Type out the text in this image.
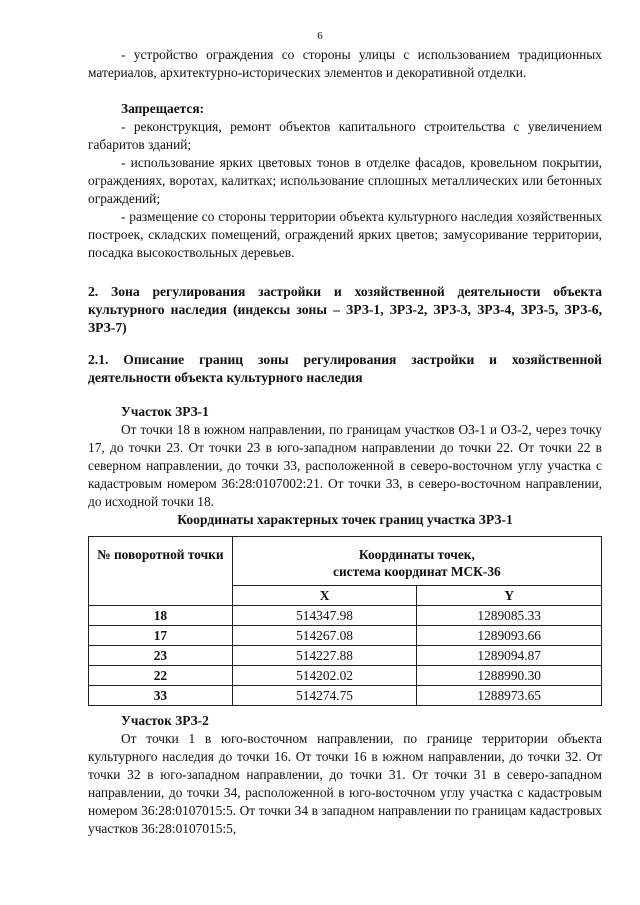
6

- устройство ограждения со стороны улицы с использованием традиционных материалов, архитектурно-исторических элементов и декоративной отделки.

Запрещается:

- реконструкция, ремонт объектов капитального строительства с увеличением габаритов зданий;

- использование ярких цветовых тонов в отделке фасадов, кровельном покрытии, ограждениях, воротах, калитках; использование сплошных металлических или бетонных ограждений;

- размещение со стороны территории объекта культурного наследия хозяйственных построек, складских помещений, ограждений ярких цветов; замусоривание территории, посадка высокоствольных деревьев.

2. Зона регулирования застройки и хозяйственной деятельности объекта культурного наследия (индексы зоны – ЗРЗ-1, ЗРЗ-2, ЗРЗ-3, ЗРЗ-4, ЗРЗ-5, ЗРЗ-6, ЗРЗ-7)

2.1. Описание границ зоны регулирования застройки и хозяйственной деятельности объекта культурного наследия

Участок ЗРЗ-1

От точки 18 в южном направлении, по границам участков ОЗ-1 и ОЗ-2, через точку 17, до точки 23. От точки 23 в юго-западном направлении до точки 22. От точки 22 в северном направлении, до точки 33, расположенной в северо-восточном углу участка с кадастровым номером 36:28:0107002:21. От точки 33, в северо-восточном направлении, до исходной точки 18.

Координаты характерных точек границ участка ЗРЗ-1
№ поворотной точки	Координаты точек,
система координат МСК-36	

	X	Y
18	514347.98	1289085.33
17	514267.08	1289093.66
23	514227.88	1289094.87
22	514202.02	1288990.30
33	514274.75	1288973.65

Участок ЗРЗ-2

От точки 1 в юго-восточном направлении, по границе территории объекта культурного наследия до точки 16. От точки 16 в южном направлении, до точки 32. От точки 32 в юго-западном направлении, до точки 31. От точки 31 в северо-западном направлении, до точки 34, расположенной в юго-восточном углу участка с кадастровым номером 36:28:0107015:5. От точки 34 в западном направлении по границам кадастровых участков 36:28:0107015:5,
